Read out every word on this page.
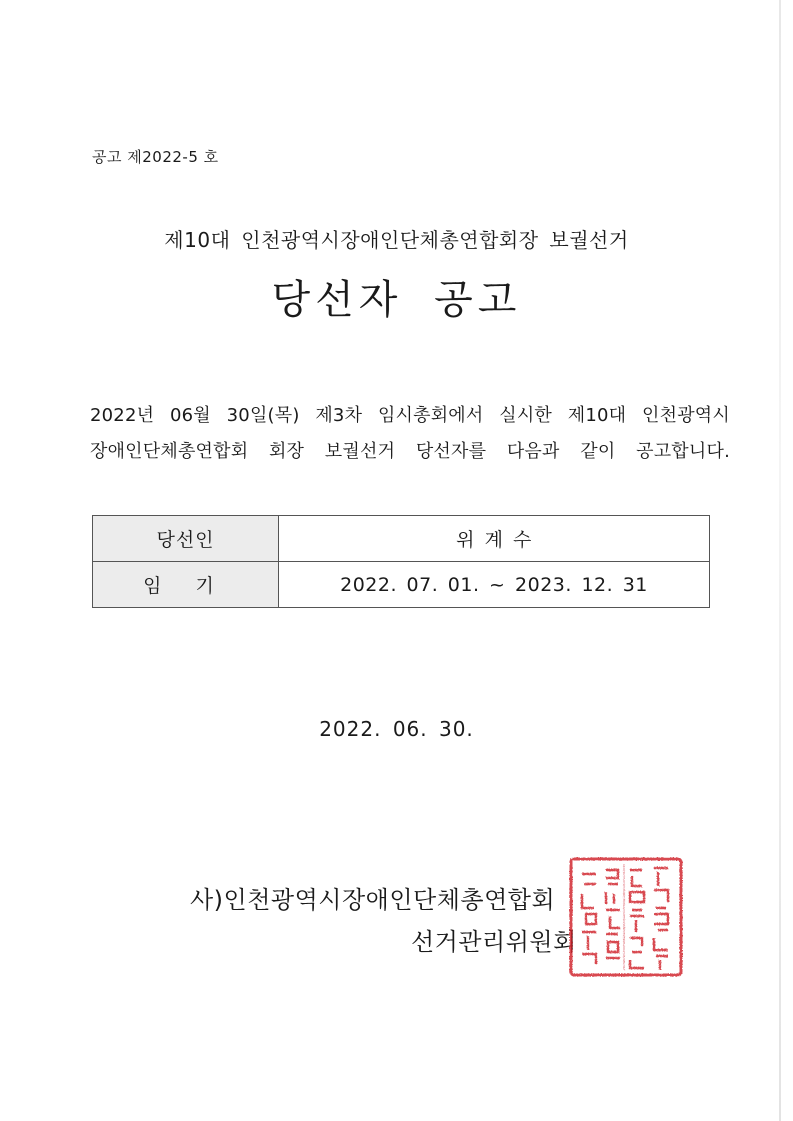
공고 제2022-5 호
제10대 인천광역시장애인단체총연합회장 보궐선거
당선자 공고
2022년 06월 30일(목) 제3차 임시총회에서 실시한 제10대 인천광역시
장애인단체총연합회 회장 보궐선거 당선자를 다음과 같이 공고합니다.
당선인	위 계 수
임 기	2022. 07. 01. ~ 2023. 12. 31
2022. 06. 30.
사)인천광역시장애인단체총연합회
선거관리위원회
